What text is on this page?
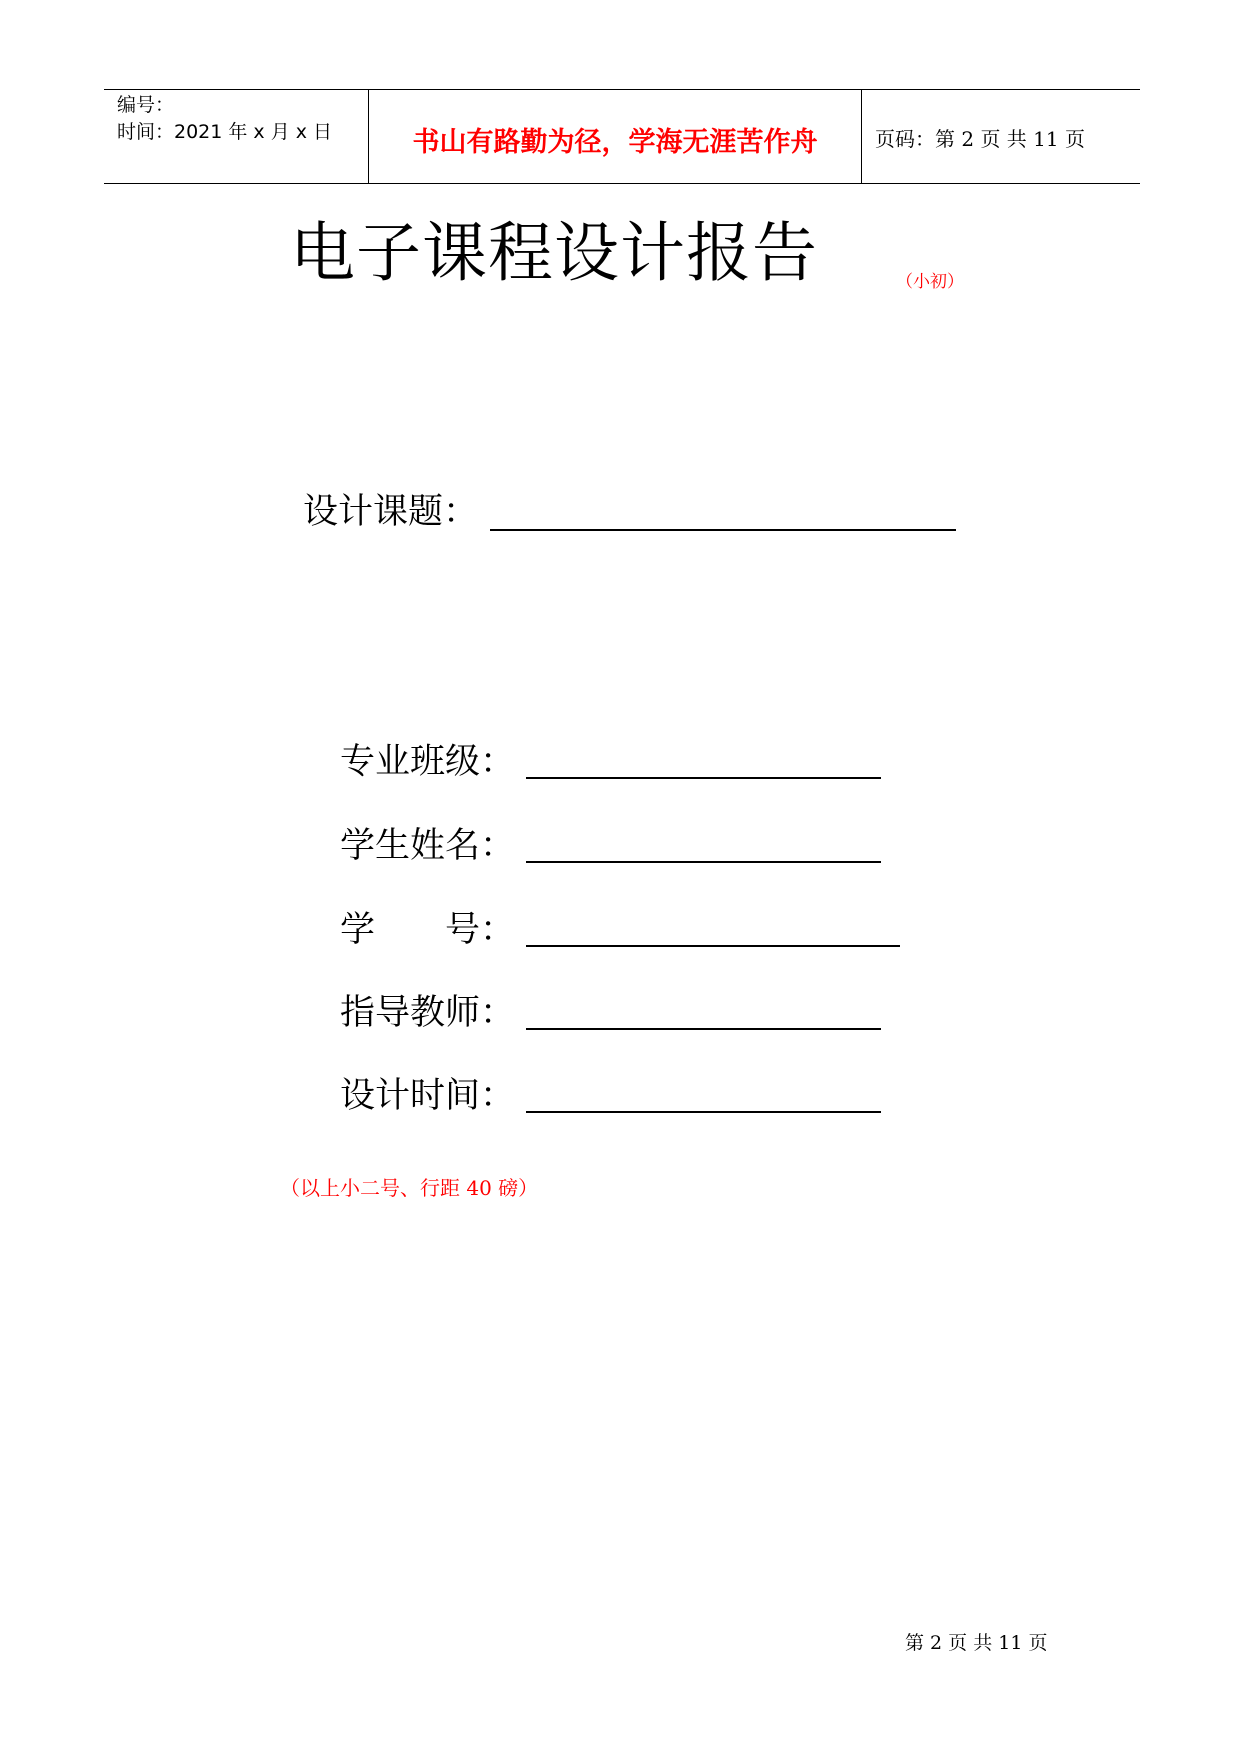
编号：
时间：2021 年 x 月 x 日	书山有路勤为径，学海无涯苦作舟	页码：第 2 页 共 11 页
电子课程设计报告	（小初）
设计课题：
专业班级：
学生姓名：
学　　号：
指导教师：
设计时间：
（以上小二号、行距 40 磅）
第 2 页 共 11 页
